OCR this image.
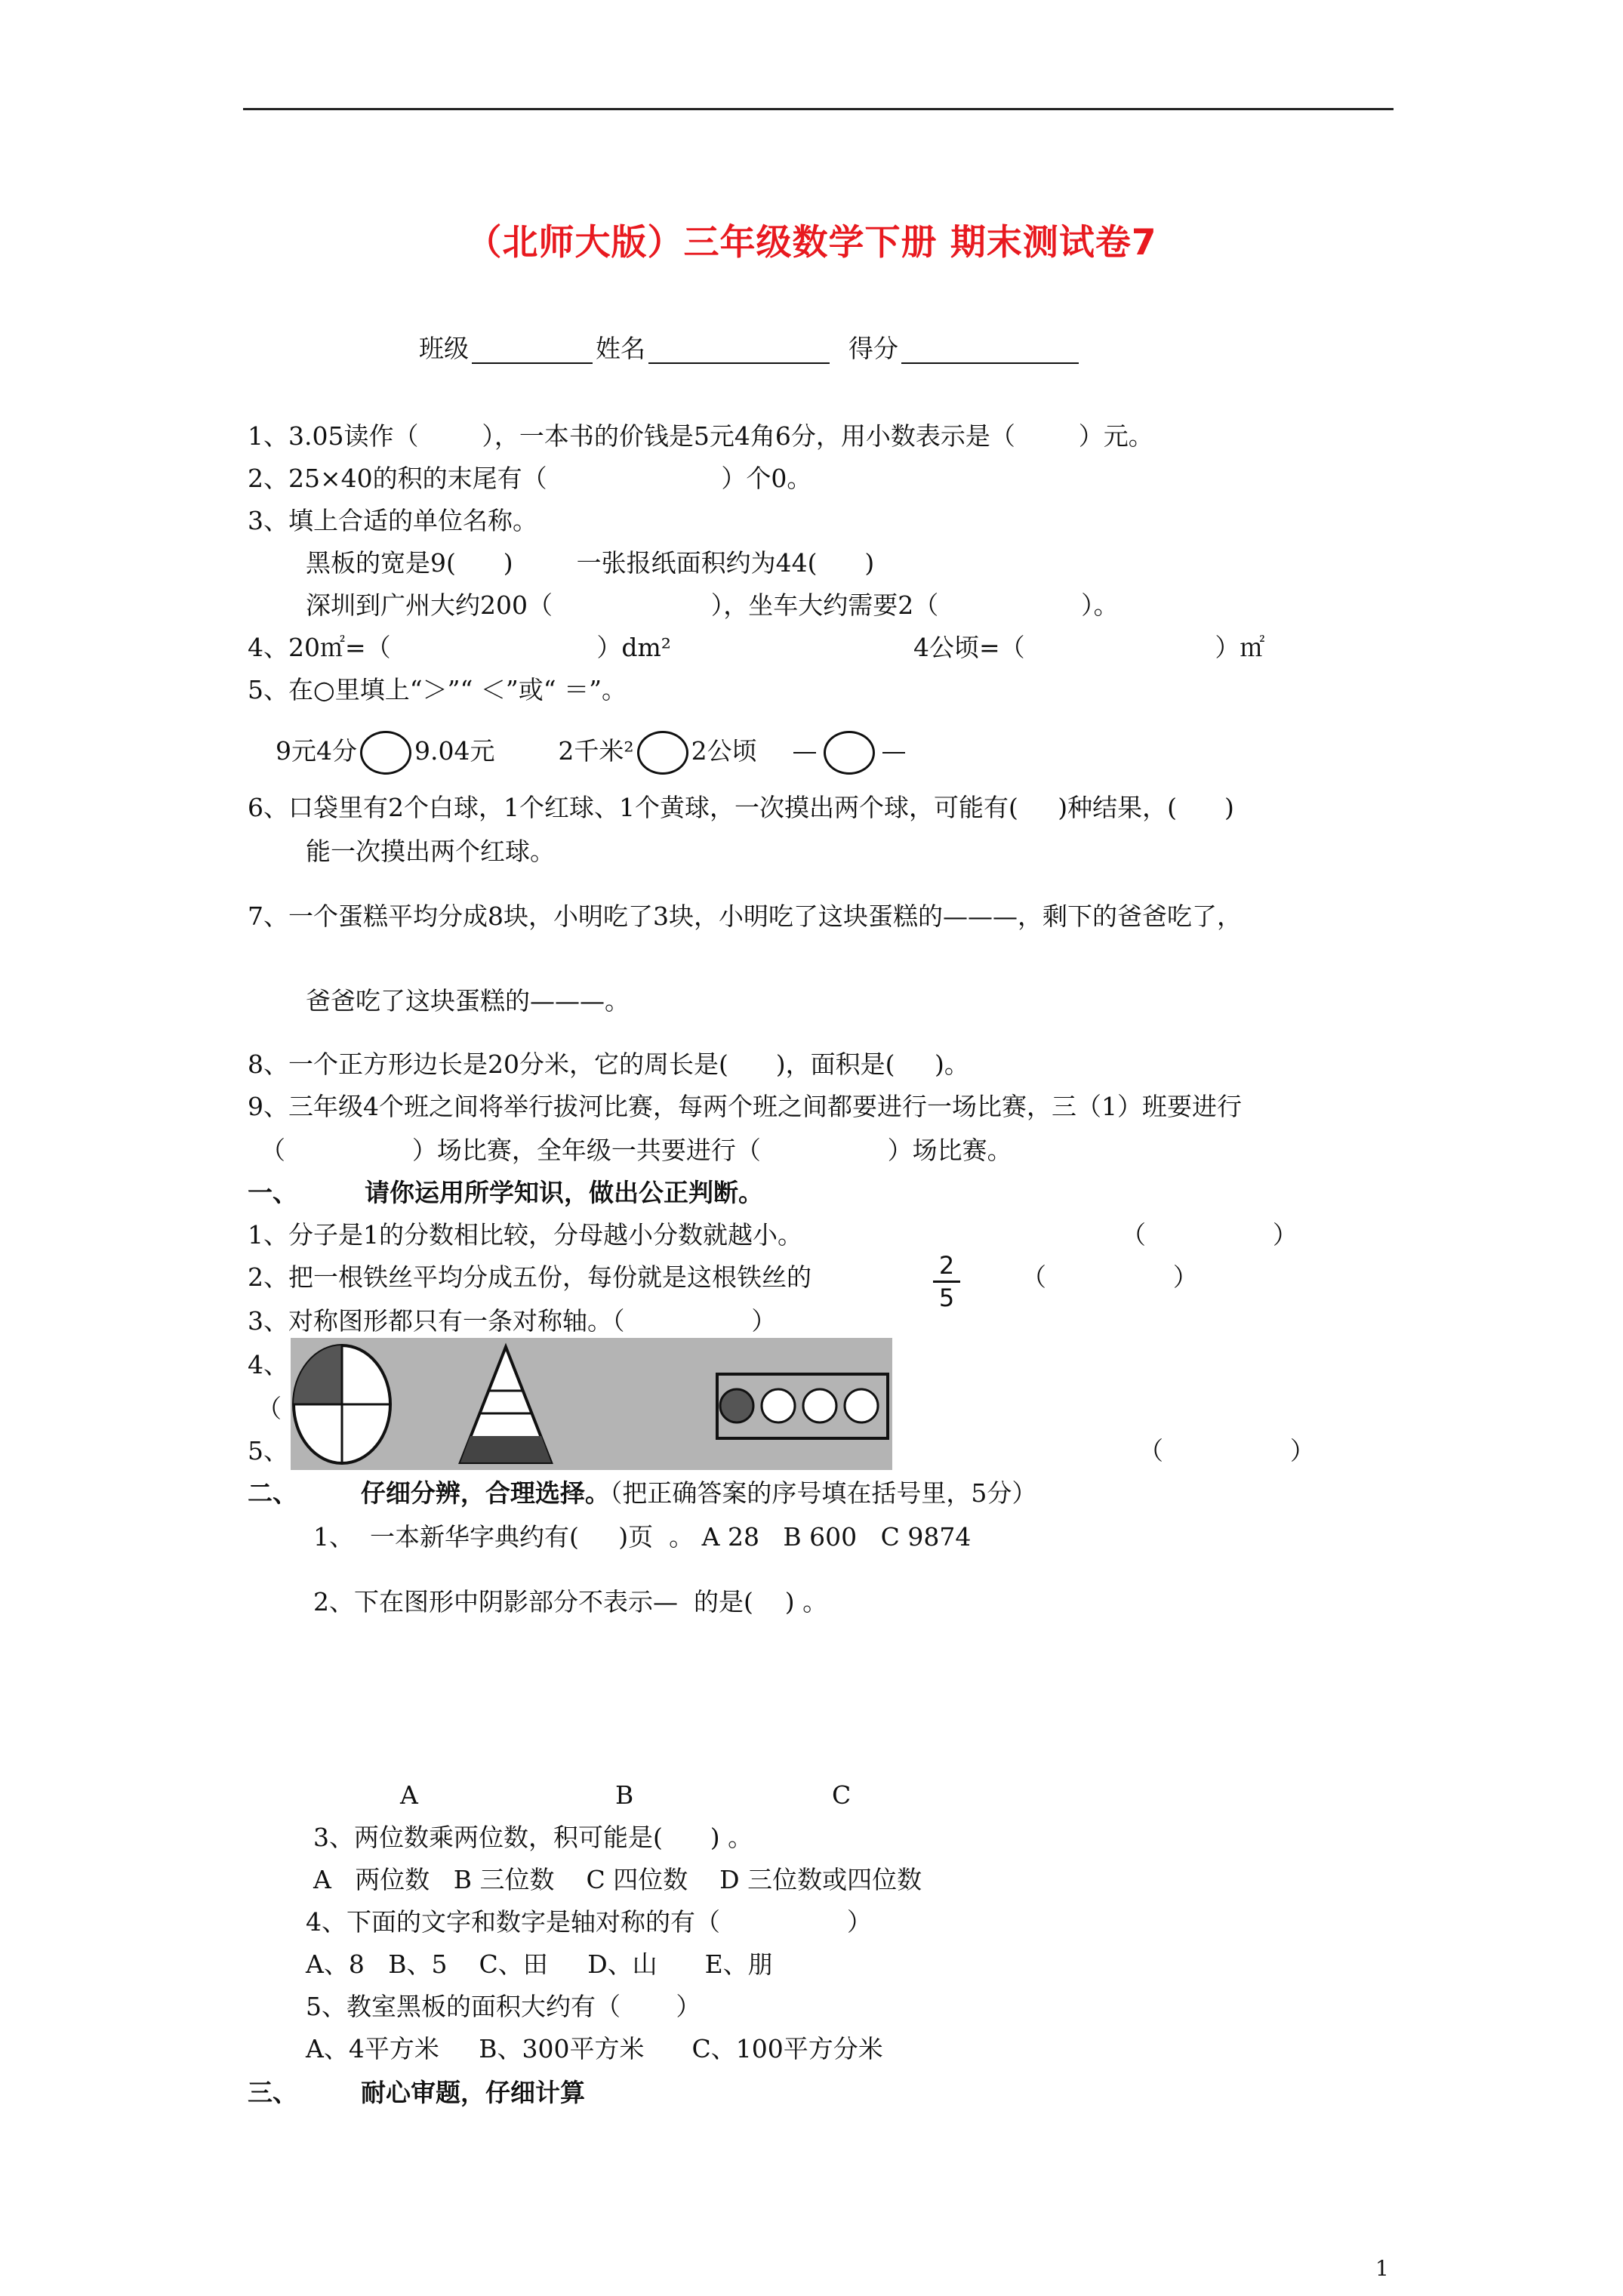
（北师大版）三年级数学下册 期末测试卷7
班级	姓名	得分
1、3.05读作（        ），一本书的价钱是5元4角6分，用小数表示是（        ）元。
2、25×40的积的末尾有（                      ）个0。
3、填上合适的单位名称。
黑板的宽是9(      )        一张报纸面积约为44(      )
深圳到广州大约200（                    ），坐车大约需要2（                  ）。
4、20㎡=（                          ）dm²	4公顷=（                        ）㎡
5、在○里填上“＞”“ ＜”或“ ＝”。
9元4分 9.04元	2千米² 2公顷
6、口袋里有2个白球，1个红球、1个黄球，一次摸出两个球，可能有(     )种结果，(      )
能一次摸出两个红球。
7、一个蛋糕平均分成8块，小明吃了3块，小明吃了这块蛋糕的———，剩下的爸爸吃了，
爸爸吃了这块蛋糕的———。
8、一个正方形边长是20分米，它的周长是(      )，面积是(     )。
9、三年级4个班之间将举行拔河比赛，每两个班之间都要进行一场比赛，三（1）班要进行
（                ）场比赛，全年级一共要进行（                ）场比赛。
一、	请你运用所学知识，做出公正判断。
1、分子是1的分数相比较，分母越小分数就越小。	（                ）
2、把一根铁丝平均分成五份，每份就是这根铁丝的	2
5
（                ）
3、对称图形都只有一条对称轴。（                ）
4、
（
5、	（                ）
二、	仔细分辨，合理选择。（把正确答案的序号填在括号里，5分）
1、  一本新华字典约有(     )页  。 A 28   B 600   C 9874
2、下在图形中阴影部分不表示—  的是(    ) 。
A	B	C
3、两位数乘两位数，积可能是(      ) 。
A   两位数   B 三位数    C 四位数    D 三位数或四位数
4、下面的文字和数字是轴对称的有（                ）
A、8   B、5    C、田     D、山      E、朋
5、教室黑板的面积大约有（       ）
A、4平方米     B、300平方米      C、100平方分米
三、	耐心审题，仔细计算
1
